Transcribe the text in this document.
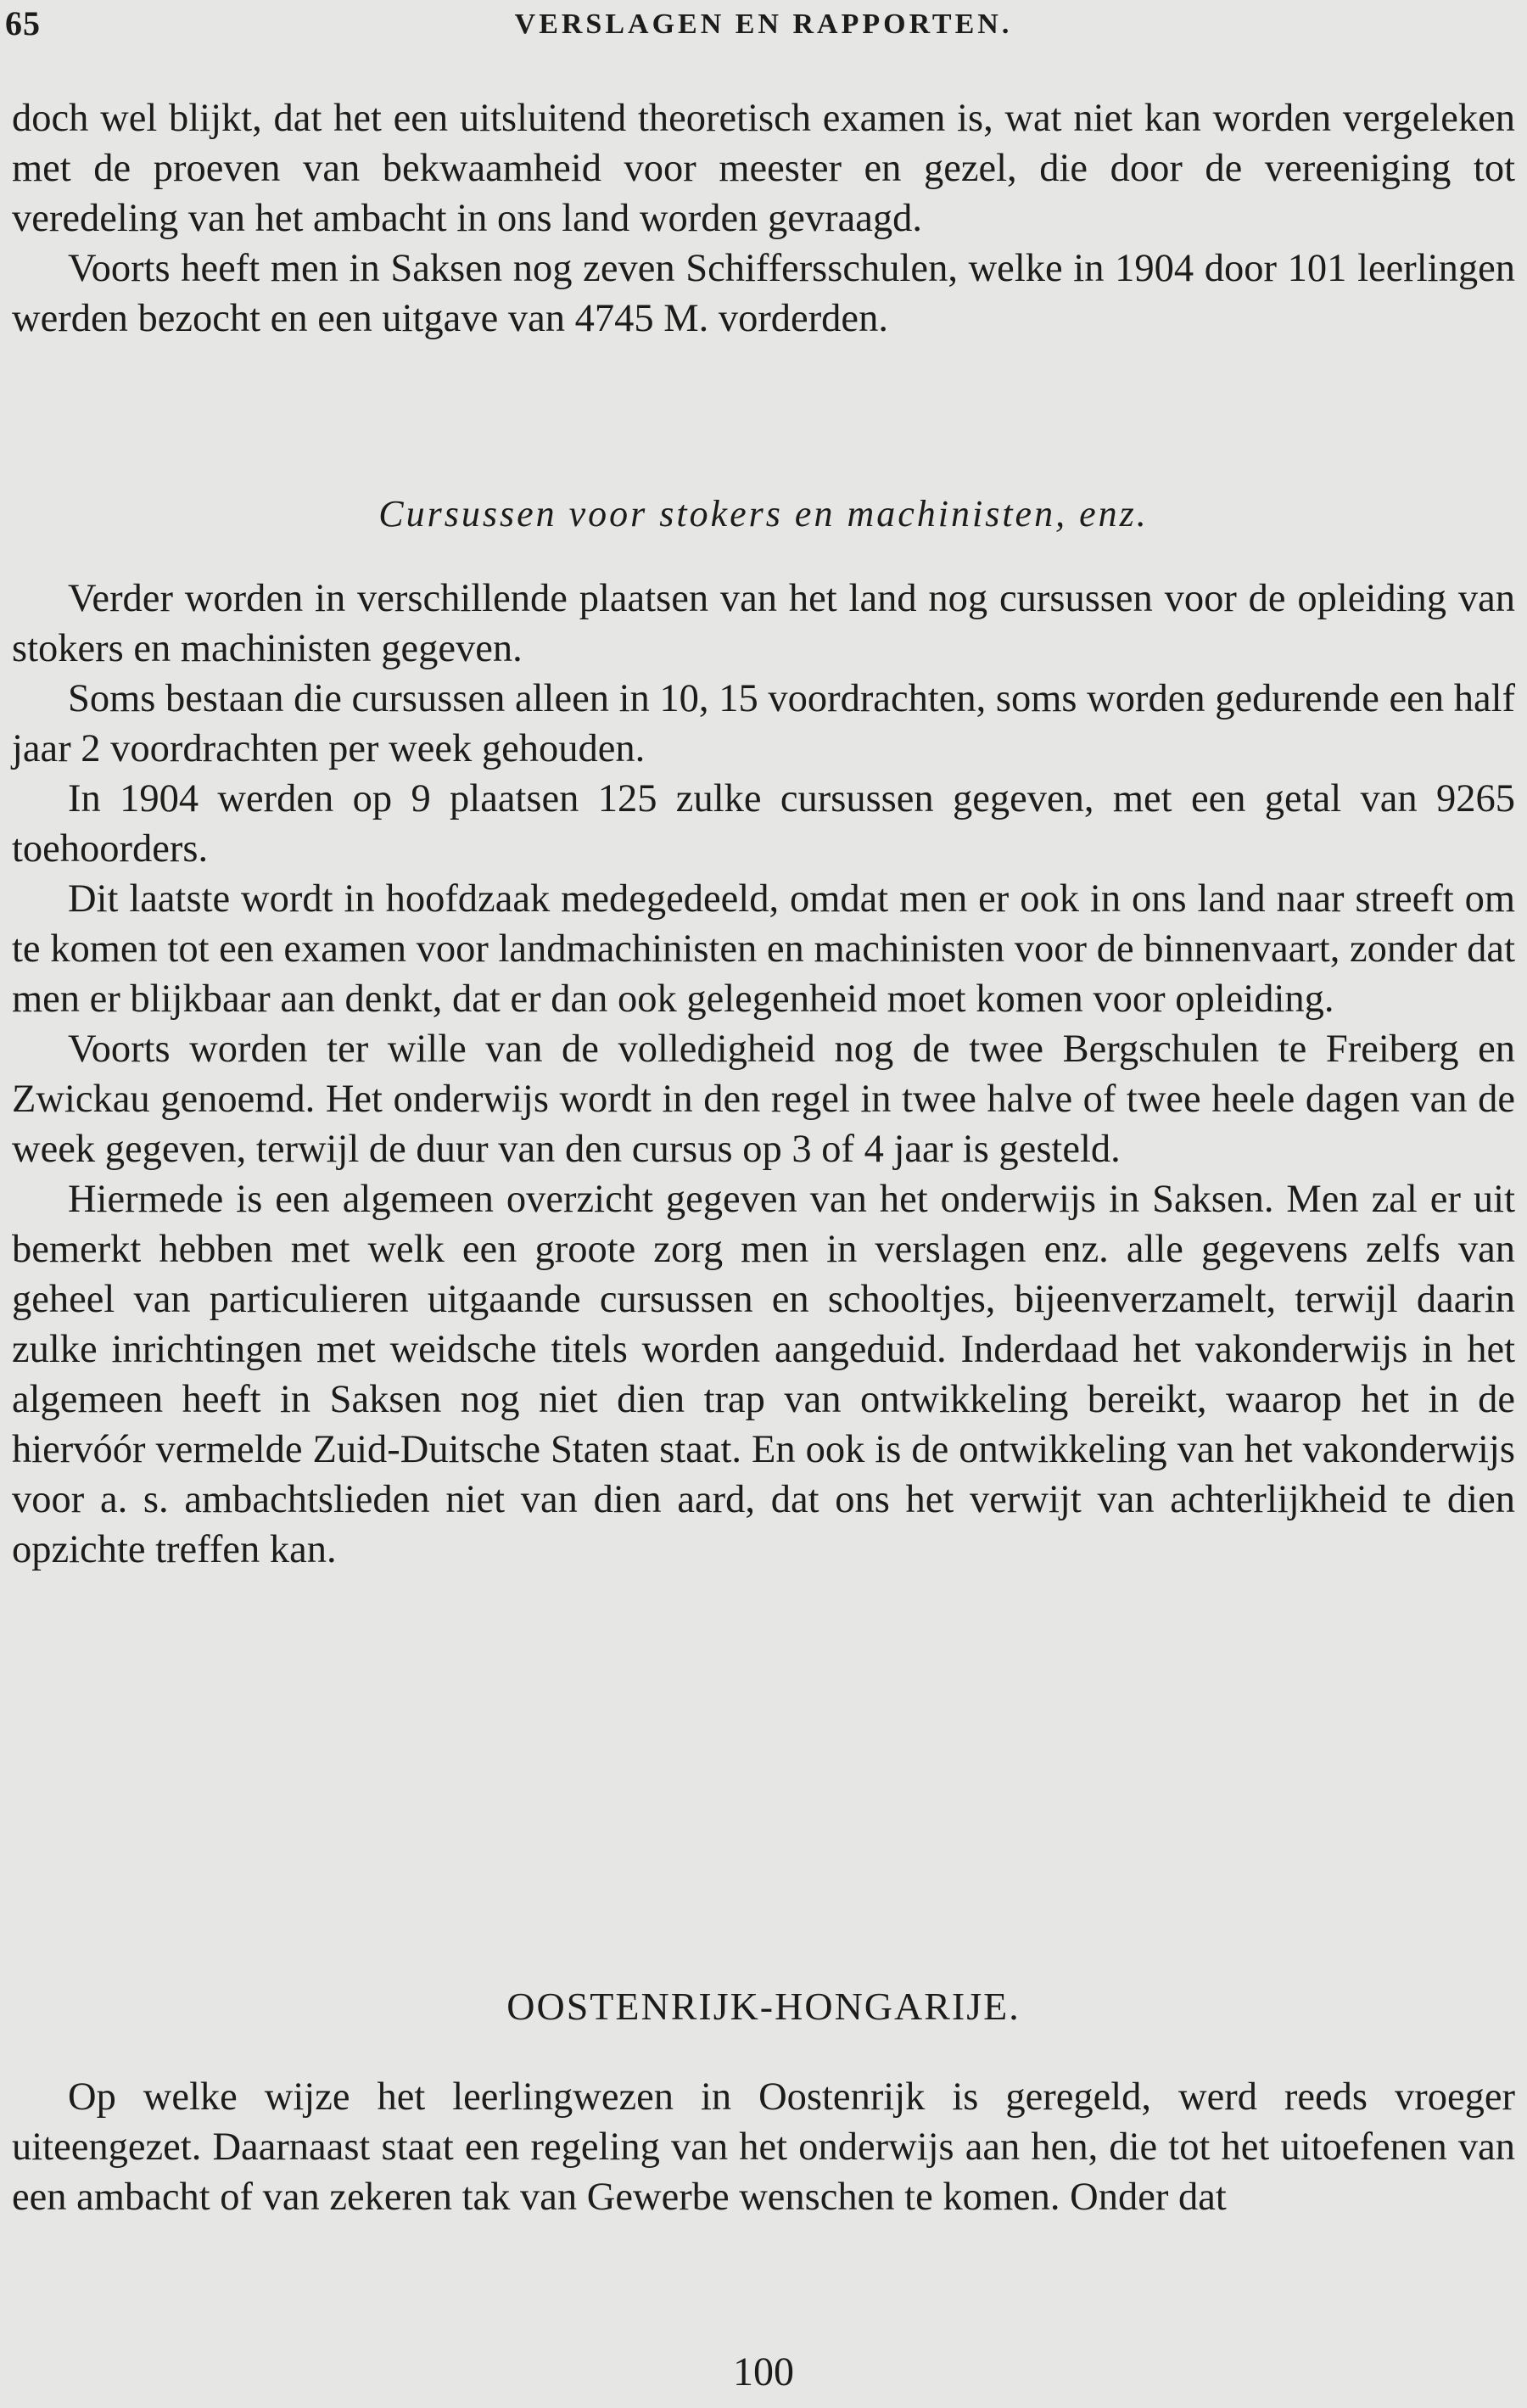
65	VERSLAGEN EN RAPPORTEN.

doch wel blijkt, dat het een uitsluitend theoretisch examen is, wat niet kan worden vergeleken met de proeven van bekwaamheid voor meester en gezel, die door de vereeniging tot veredeling van het ambacht in ons land worden gevraagd.

Voorts heeft men in Saksen nog zeven Schiffersschulen, welke in 1904 door 101 leerlingen werden bezocht en een uitgave van 4745 M. vorderden.

Cursussen voor stokers en machinisten, enz.

Verder worden in verschillende plaatsen van het land nog cursussen voor de opleiding van stokers en machinisten gegeven.

Soms bestaan die cursussen alleen in 10, 15 voordrachten, soms worden gedurende een half jaar 2 voordrachten per week gehouden.

In 1904 werden op 9 plaatsen 125 zulke cursussen gegeven, met een getal van 9265 toehoorders.

Dit laatste wordt in hoofdzaak medegedeeld, omdat men er ook in ons land naar streeft om te komen tot een examen voor landmachinisten en machinisten voor de binnenvaart, zonder dat men er blijkbaar aan denkt, dat er dan ook gelegenheid moet komen voor opleiding.

Voorts worden ter wille van de volledigheid nog de twee Bergschulen te Freiberg en Zwickau genoemd. Het onderwijs wordt in den regel in twee halve of twee heele dagen van de week gegeven, terwijl de duur van den cursus op 3 of 4 jaar is gesteld.

Hiermede is een algemeen overzicht gegeven van het onderwijs in Saksen. Men zal er uit bemerkt hebben met welk een groote zorg men in verslagen enz. alle gegevens zelfs van geheel van particulieren uitgaande cursussen en schooltjes, bijeenverzamelt, terwijl daarin zulke inrichtingen met weidsche titels worden aangeduid. Inderdaad het vakonderwijs in het algemeen heeft in Saksen nog niet dien trap van ontwikkeling bereikt, waarop het in de hiervóór vermelde Zuid-Duitsche Staten staat. En ook is de ontwikkeling van het vakonderwijs voor a. s. ambachtslieden niet van dien aard, dat ons het verwijt van achterlijkheid te dien opzichte treffen kan.

OOSTENRIJK-HONGARIJE.

Op welke wijze het leerlingwezen in Oostenrijk is geregeld, werd reeds vroeger uiteengezet. Daarnaast staat een regeling van het onderwijs aan hen, die tot het uitoefenen van een ambacht of van zekeren tak van Gewerbe wenschen te komen. Onder dat

100
